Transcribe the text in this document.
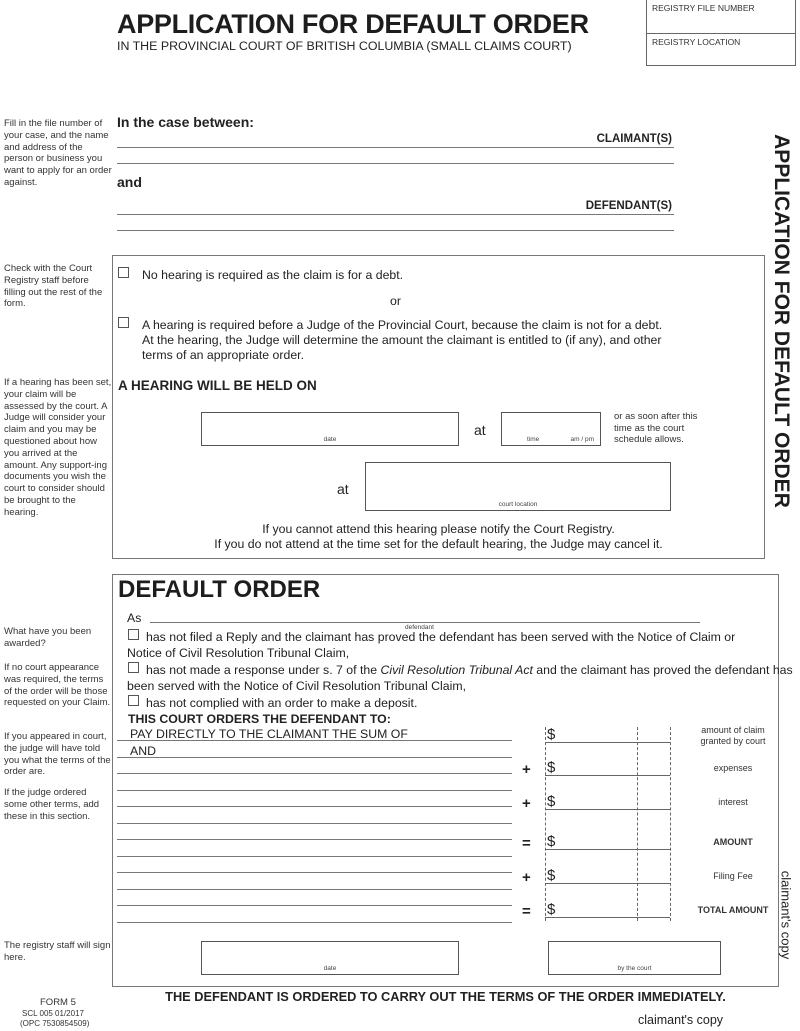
APPLICATION FOR DEFAULT ORDER
IN THE PROVINCIAL COURT OF BRITISH COLUMBIA (SMALL CLAIMS COURT)
REGISTRY FILE NUMBER
REGISTRY LOCATION
APPLICATION FOR DEFAULT ORDER
Fill in the file number of your case, and the name and address of the person or business you want to apply for an order against.
Check with the Court Registry staff before filling out the rest of the form.
If a hearing has been set, your claim will be assessed by the court. A Judge will consider your claim and you may be questioned about how you arrived at the amount. Any support-ing documents you wish the court to consider should be brought to the hearing.
What have you been awarded?
If no court appearance was required, the terms of the order will be those requested on your Claim.
If you appeared in court, the judge will have told you what the terms of the order are.
If the judge ordered some other terms, add these in this section.
The registry staff will sign here.
In the case between:
CLAIMANT(S)
and
DEFENDANT(S)
No hearing is required as the claim is for a debt.
or
A hearing is required before a Judge of the Provincial Court, because the claim is not for a debt.
At the hearing, the Judge will determine the amount the claimant is entitled to (if any), and other
terms of an appropriate order.
A HEARING WILL BE HELD ON
date
at
time	am / pm
or as soon after this time as the court schedule allows.
at
court location
If you cannot attend this hearing please notify the Court Registry.
If you do not attend at the time set for the default hearing, the Judge may cancel it.
DEFAULT ORDER
As
defendant
has not filed a Reply and the claimant has proved the defendant has been served with the Notice of Claim or
Notice of Civil Resolution Tribunal Claim,
has not made a response under s. 7 of the Civil Resolution Tribunal Act and the claimant has proved the defendant has
been served with the Notice of Civil Resolution Tribunal Claim,
has not complied with an order to make a deposit.
THIS COURT ORDERS THE DEFENDANT TO:
PAY DIRECTLY TO THE CLAIMANT THE SUM OF
AND
$	amount of claim granted by court
+ $	expenses
+ $	interest
= $	AMOUNT
+ $	Filing Fee
= $	TOTAL AMOUNT
date	by the court
THE DEFENDANT IS ORDERED TO CARRY OUT THE TERMS OF THE ORDER IMMEDIATELY.
claimant's copy
FORM 5
SCL 005 01/2017
(OPC 7530854509)	claimant's copy
